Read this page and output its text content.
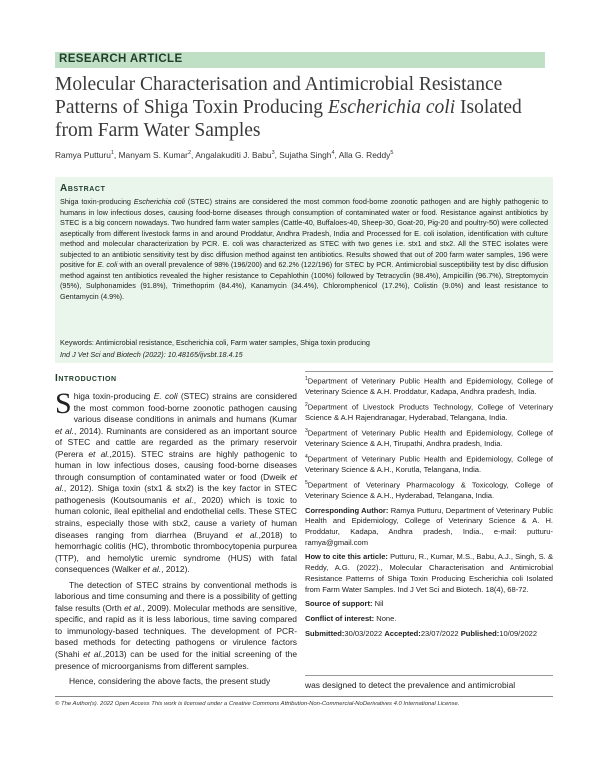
RESEARCH ARTICLE
Molecular Characterisation and Antimicrobial Resistance Patterns of Shiga Toxin Producing Escherichia coli Isolated from Farm Water Samples
Ramya Putturu$^1$, Manyam S. Kumar$^2$, Angalakuditi J. Babu$^3$, Sujatha Singh$^4$, Alla G. Reddy$^5$
Abstract
Shiga toxin-producing Escherichia coli (STEC) strains are considered the most common food-borne zoonotic pathogen and are highly pathogenic to humans in low infectious doses, causing food-borne diseases through consumption of contaminated water or food. Resistance against antibiotics by STEC is a big concern nowadays. Two hundred farm water samples (Cattle-40, Buffaloes-40, Sheep-30, Goat-20, Pig-20 and poultry-50) were collected aseptically from different livestock farms in and around Proddatur, Andhra Pradesh, India and Processed for E. coli isolation, identification with culture method and molecular characterization by PCR. E. coli was characterized as STEC with two genes i.e. stx1 and stx2. All the STEC isolates were subjected to an antibiotic sensitivity test by disc diffusion method against ten antibiotics. Results showed that out of 200 farm water samples, 196 were positive for E. coli with an overall prevalence of 98% (196/200) and 62.2% (122/196) for STEC by PCR. Antimicrobial susceptibility test by disc diffusion method against ten antibiotics revealed the higher resistance to Cepahlothin (100%) followed by Tetracyclin (98.4%), Ampicillin (96.7%), Streptomycin (95%), Sulphonamides (91.8%), Trimethoprim (84.4%), Kanamycin (34.4%), Chloromphenicol (17.2%), Colistin (9.0%) and least resistance to Gentamycin (4.9%).
Keywords: Antimicrobial resistance, Escherichia coli, Farm water samples, Shiga toxin producing
Ind J Vet Sci and Biotech (2022): 10.48165/ijvsbt.18.4.15
Introduction

Shiga toxin-producing E. coli (STEC) strains are considered the most common food-borne zoonotic pathogen causing various disease conditions in animals and humans (Kumar et al., 2014). Ruminants are considered as an important source of STEC and cattle are regarded as the primary reservoir (Perera et al.,2015). STEC strains are highly pathogenic to human in low infectious doses, causing food-borne diseases through consumption of contaminated water or food (Dweik et al., 2012). Shiga toxin (stx1 & stx2) is the key factor in STEC pathogenesis (Koutsoumanis et al., 2020) which is toxic to human colonic, ileal epithelial and endothelial cells. These STEC strains, especially those with stx2, cause a variety of human diseases ranging from diarrhea (Bruyand et al.,2018) to hemorrhagic colitis (HC), thrombotic thrombocytopenia purpurea (TTP), and hemolytic uremic syndrome (HUS) with fatal consequences (Walker et al., 2012).

The detection of STEC strains by conventional methods is laborious and time consuming and there is a possibility of getting false results (Orth et al., 2009). Molecular methods are sensitive, specific, and rapid as it is less laborious, time saving compared to immunology-based techniques. The development of PCR-based methods for detecting pathogens or virulence factors (Shahi et al.,2013) can be used for the initial screening of the presence of microorganisms from different samples.

Hence, considering the above facts, the present study

$^1$Department of Veterinary Public Health and Epidemiology, College of Veterinary Science & A.H. Proddatur, Kadapa, Andhra pradesh, India.
$^2$Department of Livestock Products Technology, College of Veterinary Science & A.H Rajendranagar, Hyderabad, Telangana, India.
$^3$Department of Veterinary Public Health and Epidemiology, College of Veterinary Science & A.H, Tirupathi, Andhra pradesh, India.
$^4$Department of Veterinary Public Health and Epidemiology, College of Veterinary Science & A.H., Korutla, Telangana, India.
$^5$Department of Veterinary Pharmacology & Toxicology, College of Veterinary Science & A.H., Hyderabad, Telangana, India.
Corresponding Author: Ramya Putturu, Department of Veterinary Public Health and Epidemiology, College of Veterinary Science & A. H. Proddatur, Kadapa, Andhra pradesh, India., e-mail: putturu-ramya@gmail.com
How to cite this article: Putturu, R., Kumar, M.S., Babu, A.J., Singh, S. & Reddy, A.G. (2022)., Molecular Characterisation and Antimicrobial Resistance Patterns of Shiga Toxin Producing Escherichia coli Isolated from Farm Water Samples. Ind J Vet Sci and Biotech. 18(4), 68-72.
Source of support: Nil
Conflict of interest: None.
Submitted:30/03/2022 Accepted:23/07/2022 Published:10/09/2022
was designed to detect the prevalence and antimicrobial
© The Author(s). 2022 Open Access This work is licensed under a Creative Commons Attribution-Non-Commercial-NoDerivatives 4.0 International License.
